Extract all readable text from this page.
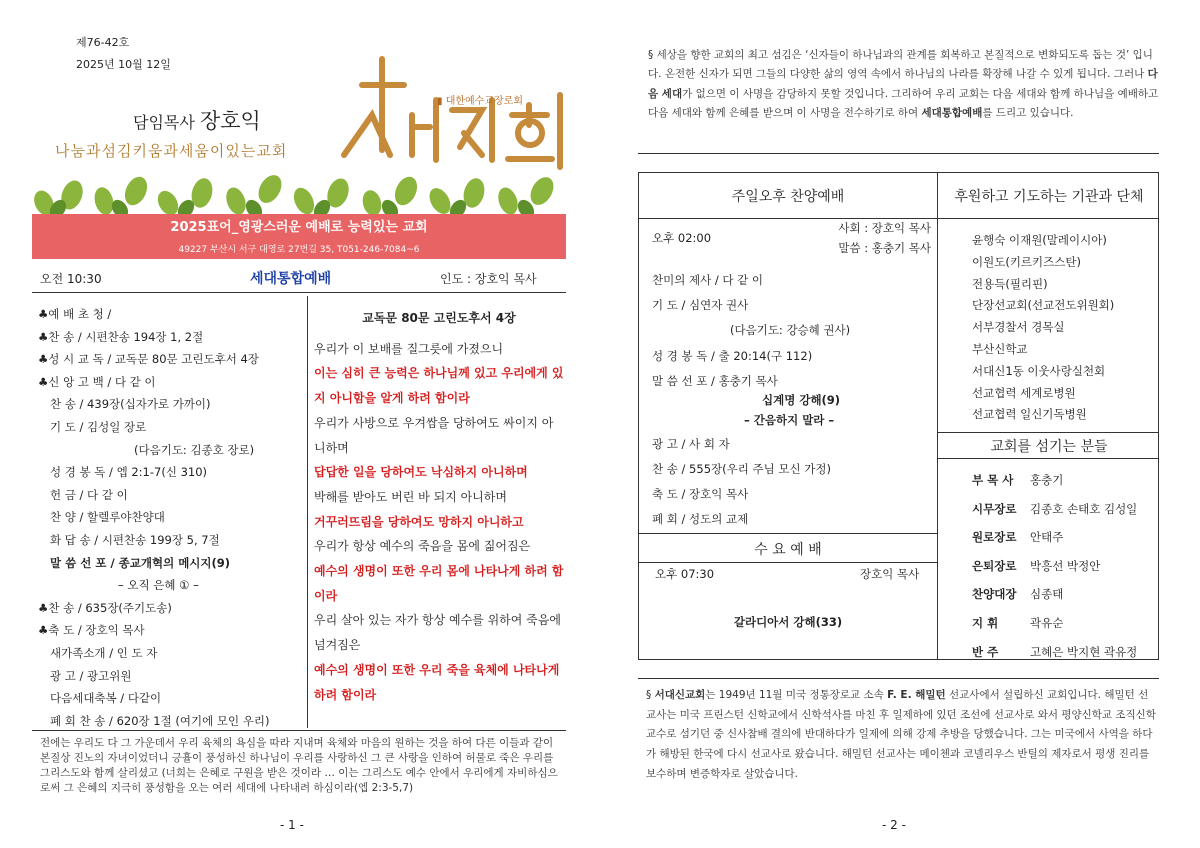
제76-42호
2025년 10월 12일
담임목사 장호익
나눔과섬김키움과세움이있는교회
▮ 대한예수교장로회
2025표어_영광스러운 예배로 능력있는 교회
49227 부산시 서구 대영로 27번길 35, T051-246-7084~6
오전 10:30	세대통합예배	인도 : 장호익 목사
♣예 배 초 청 /
♣찬 송 / 시편찬송 194장 1, 2절
♣성 시 교 독 / 교독문 80문 고린도후서 4장
♣신 앙 고 백 / 다 같 이
찬 송 / 439장(십자가로 가까이)
기 도 / 김성일 장로
(다음기도: 김종호 장로)
성 경 봉 독 / 엡 2:1-7(신 310)
헌 금 / 다 같 이
찬 양 / 할렐루야찬양대
화 답 송 / 시편찬송 199장 5, 7절
말 씀 선 포 / 종교개혁의 메시지(9)
– 오직 은혜 ① –
♣찬 송 / 635장(주기도송)
♣축 도 / 장호익 목사
새가족소개 / 인 도 자
광 고 / 광고위원
다음세대축복 / 다같이
폐 회 찬 송 / 620장 1절 (여기에 모인 우리)
교독문 80문 고린도후서 4장
우리가 이 보배를 질그릇에 가졌으니
이는 심히 큰 능력은 하나님께 있고 우리에게 있지 아니함을 알게 하려 함이라
우리가 사방으로 우겨쌈을 당하여도 싸이지 아니하며
답답한 일을 당하여도 낙심하지 아니하며
박해를 받아도 버린 바 되지 아니하며
거꾸러뜨림을 당하여도 망하지 아니하고
우리가 항상 예수의 죽음을 몸에 짊어짐은
예수의 생명이 또한 우리 몸에 나타나게 하려 함이라
우리 살아 있는 자가 항상 예수를 위하여 죽음에 넘겨짐은
예수의 생명이 또한 우리 죽을 육체에 나타나게 하려 함이라
전에는 우리도 다 그 가운데서 우리 육체의 욕심을 따라 지내며 육체와 마음의 원하는 것을 하여 다른 이들과 같이 본질상 진노의 자녀이었더니 긍휼이 풍성하신 하나님이 우리를 사랑하신 그 큰 사랑을 인하여 허물로 죽은 우리를 그리스도와 함께 살리셨고 (너희는 은혜로 구원을 받은 것이라 … 이는 그리스도 예수 안에서 우리에게 자비하심으로써 그 은혜의 지극히 풍성함을 오는 여러 세대에 나타내려 하심이라(엡 2:3-5,7)
- 1 -
§ 세상을 향한 교회의 최고 섬김은 ‘신자들이 하나님과의 관계를 회복하고 본질적으로 변화되도록 돕는 것’ 입니다. 온전한 신자가 되면 그들의 다양한 삶의 영역 속에서 하나님의 나라를 확장해 나갈 수 있게 됩니다. 그러나 다음 세대가 없으면 이 사명을 감당하지 못할 것입니다. 그리하여 우리 교회는 다음 세대와 함께 하나님을 예배하고 다음 세대와 함께 은혜를 받으며 이 사명을 전수하기로 하여 세대통합예배를 드리고 있습니다.
주일오후 찬양예배	후원하고 기도하는 기관과 단체
오후 02:00
사회 : 장호익 목사
말씀 : 홍충기 목사
찬미의 제사 / 다 같 이
기 도 / 심연자 권사
(다음기도: 강승혜 권사)
성 경 봉 독 / 출 20:14(구 112)
말 씀 선 포 / 홍충기 목사
십계명 강해(9)
– 간음하지 말라 –
광 고 / 사 회 자
찬 송 / 555장(우리 주님 모신 가정)
축 도 / 장호익 목사
폐 회 / 성도의 교제
수 요 예 배
오후 07:30	장호익 목사
갈라디아서 강해(33)
윤행숙 이재원(말레이시아)
이원도(키르키즈스탄)
전용득(필리핀)
단장선교회(선교전도위원회)
서부경찰서 경목실
부산신학교
서대신1동 이웃사랑실천회
선교협력 세계로병원
선교협력 일신기독병원
교회를 섬기는 분들
부 목 사 홍충기
시무장로 김종호 손태호 김성일
원로장로 안태주
은퇴장로 박흥선 박정안
찬양대장 심종태
지 휘	곽유순
반 주	고혜은 박지현 곽유정
§ 서대신교회는 1949년 11월 미국 정통장로교 소속 F. E. 해밀턴 선교사에서 설립하신 교회입니다. 해밀턴 선교사는 미국 프린스턴 신학교에서 신학석사를 마친 후 일제하에 있던 조선에 선교사로 와서 평양신학교 조직신학 교수로 섬기던 중 신사참배 결의에 반대하다가 일제에 의해 강제 추방을 당했습니다. 그는 미국에서 사역을 하다가 해방된 한국에 다시 선교사로 왔습니다. 해밀턴 선교사는 메이첸과 코넬리우스 반틸의 제자로서 평생 진리를 보수하며 변증학자로 살았습니다.
- 2 -
